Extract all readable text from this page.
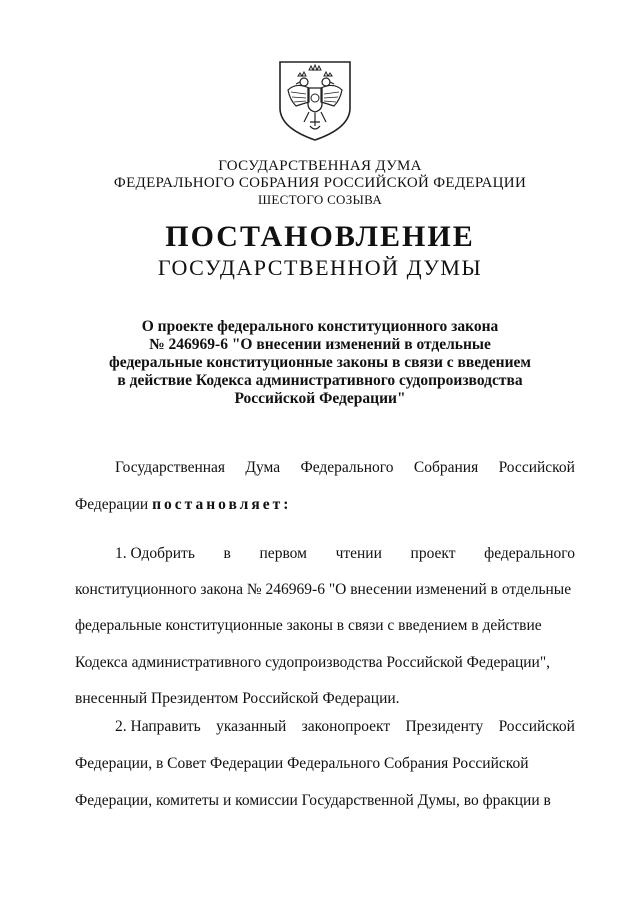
ГОСУДАРСТВЕННАЯ ДУМА
ФЕДЕРАЛЬНОГО СОБРАНИЯ РОССИЙСКОЙ ФЕДЕРАЦИИ
ШЕСТОГО СОЗЫВА
ПОСТАНОВЛЕНИЕ
ГОСУДАРСТВЕННОЙ ДУМЫ
О проекте федерального конституционного закона
№ 246969-6 "О внесении изменений в отдельные
федеральные конституционные законы в связи с введением
в действие Кодекса административного судопроизводства
Российской Федерации"
Государственная Дума Федерального Собрания Российской
Федерации постановляет:
1. Одобрить в первом чтении проект федерального
конституционного закона № 246969-6 "О внесении изменений в отдельные
федеральные конституционные законы в связи с введением в действие
Кодекса административного судопроизводства Российской Федерации",
внесенный Президентом Российской Федерации.
2. Направить указанный законопроект Президенту Российской
Федерации, в Совет Федерации Федерального Собрания Российской
Федерации, комитеты и комиссии Государственной Думы, во фракции в
